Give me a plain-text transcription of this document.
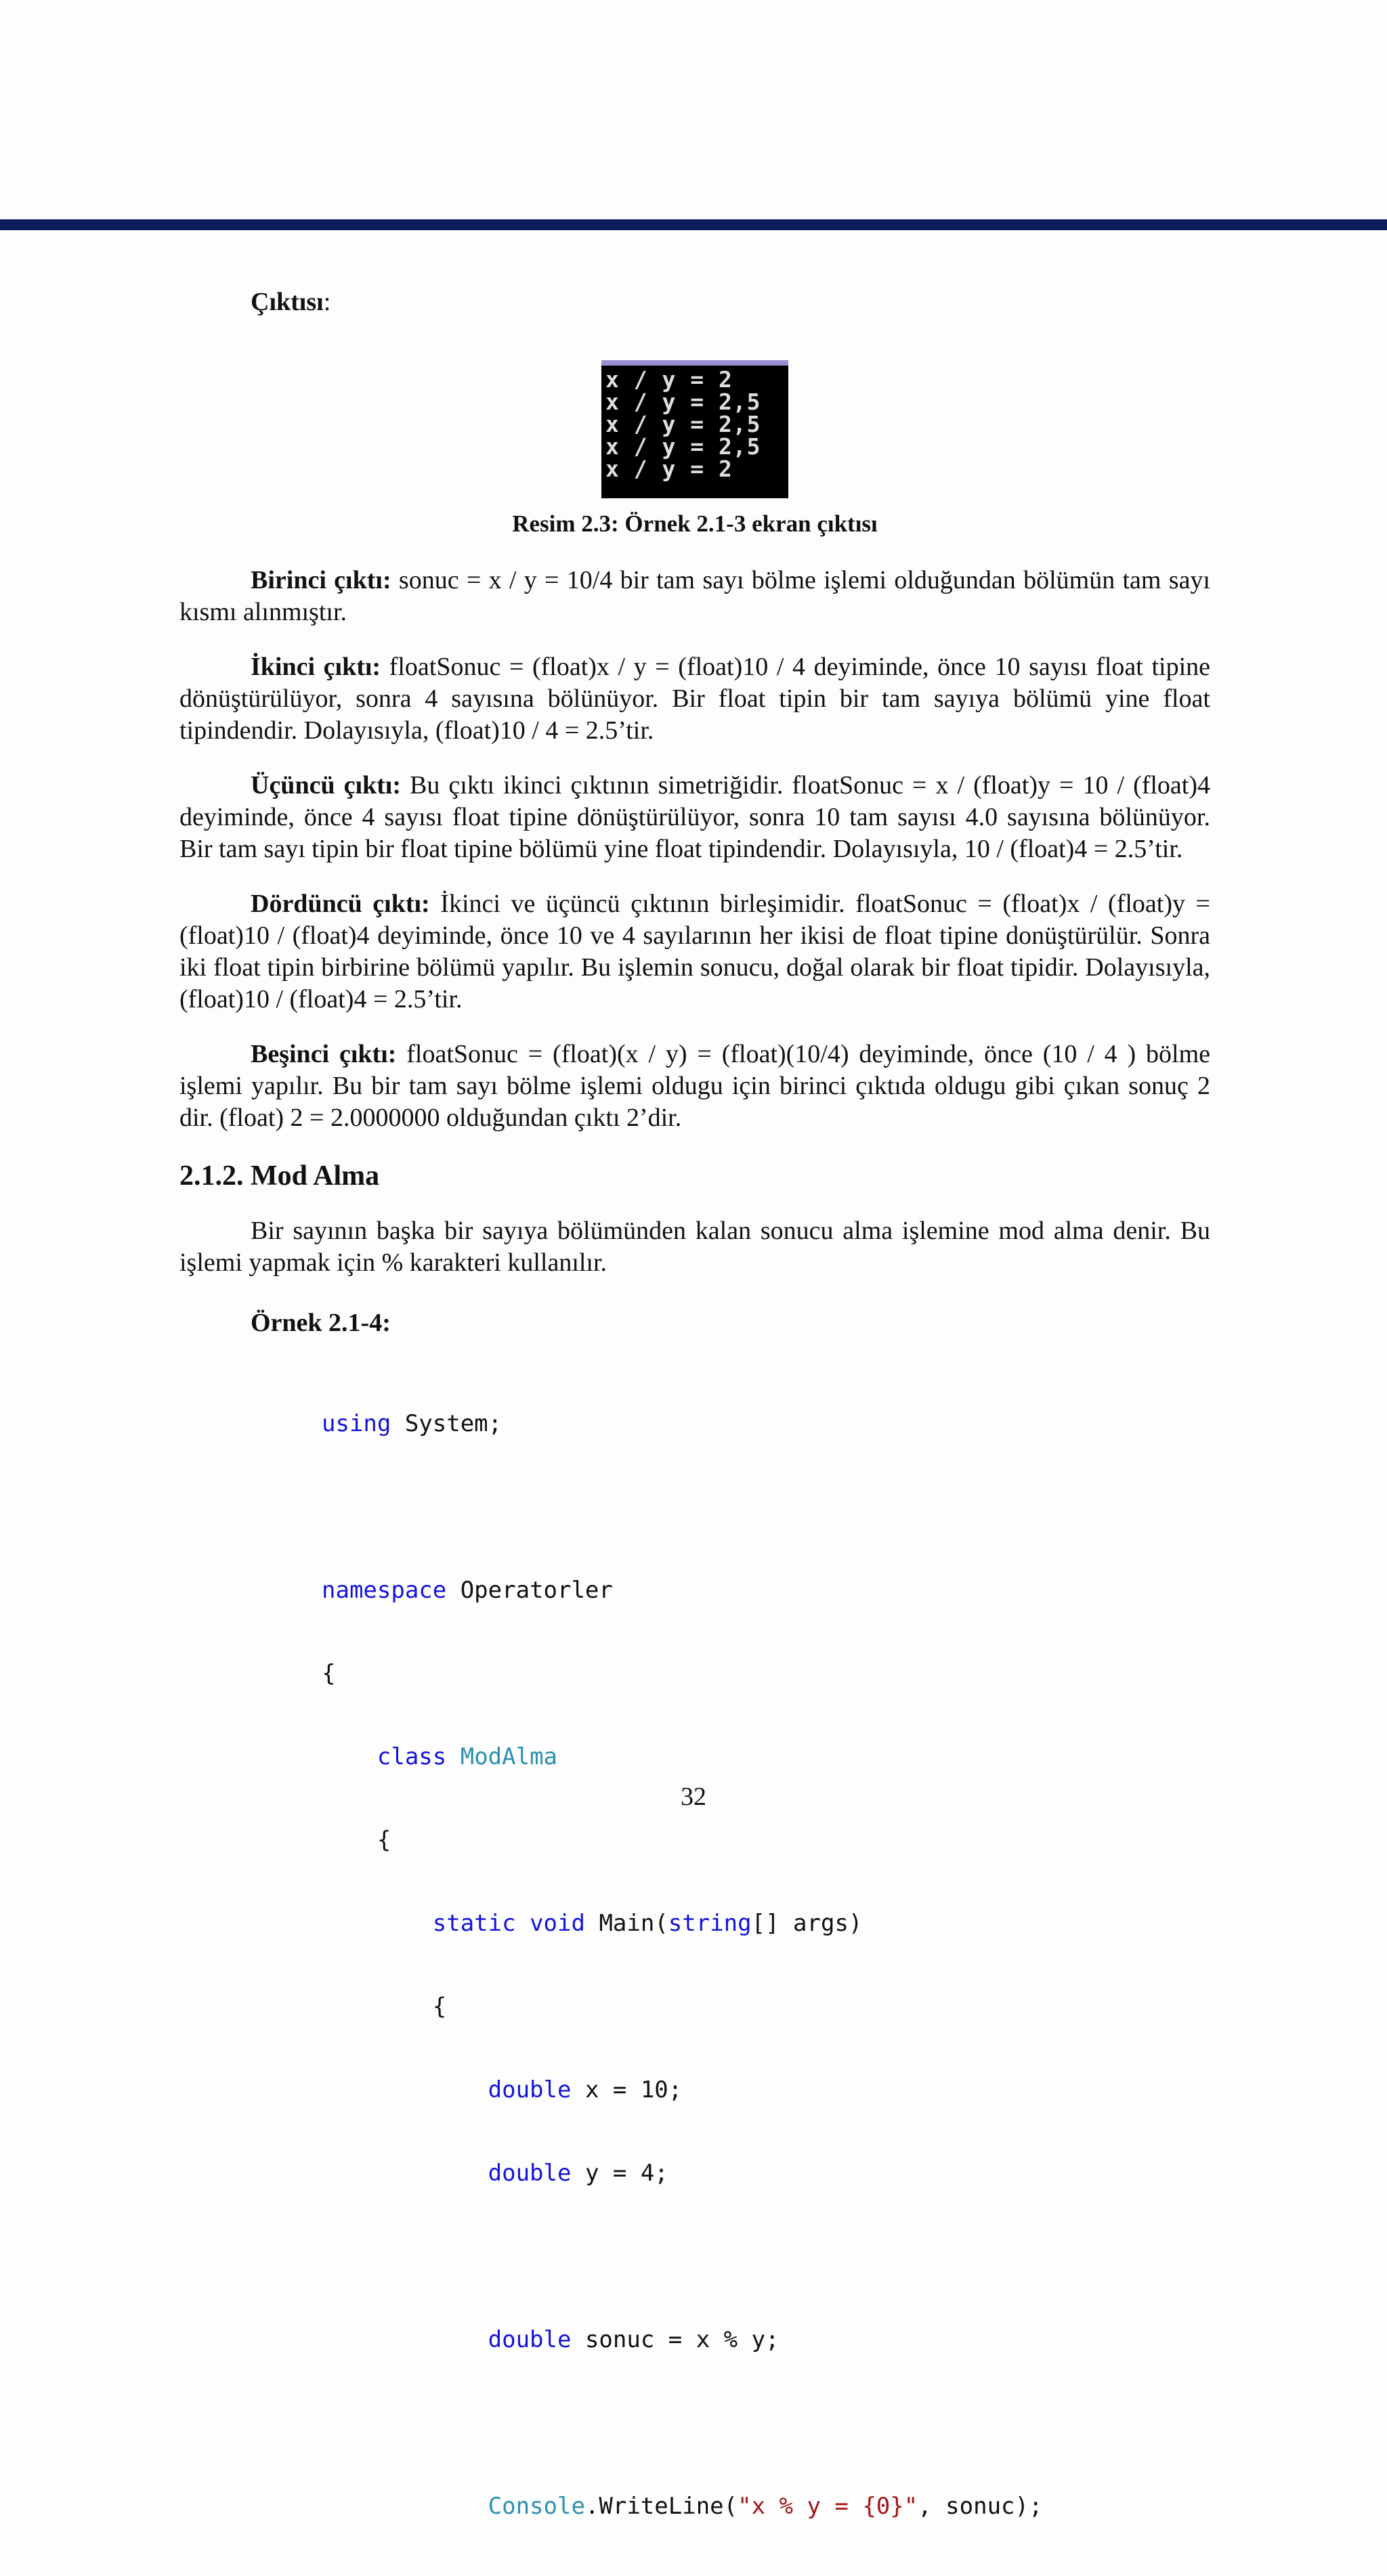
Çıktısı:
x / y = 2
x / y = 2,5
x / y = 2,5
x / y = 2,5
x / y = 2
Resim 2.3: Örnek 2.1-3 ekran çıktısı

Birinci çıktı: sonuc = x / y = 10/4 bir tam sayı bölme işlemi olduğundan bölümün tam sayı kısmı alınmıştır.

İkinci çıktı: floatSonuc = (float)x / y = (float)10 / 4 deyiminde, önce 10 sayısı float tipine dönüştürülüyor, sonra 4 sayısına bölünüyor. Bir float tipin bir tam sayıya bölümü yine float tipindendir. Dolayısıyla, (float)10 / 4 = 2.5’tir.

Üçüncü çıktı: Bu çıktı ikinci çıktının simetriğidir. floatSonuc = x / (float)y = 10 / (float)4 deyiminde, önce 4 sayısı float tipine dönüştürülüyor, sonra 10 tam sayısı 4.0 sayısına bölünüyor. Bir tam sayı tipin bir float tipine bölümü yine float tipindendir. Dolayısıyla, 10 / (float)4 = 2.5’tir.

Dördüncü çıktı: İkinci ve üçüncü çıktının birleşimidir. floatSonuc = (float)x / (float)y = (float)10 / (float)4 deyiminde, önce 10 ve 4 sayılarının her ikisi de float tipine donüştürülür. Sonra iki float tipin birbirine bölümü yapılır. Bu işlemin sonucu, doğal olarak bir float tipidir. Dolayısıyla, (float)10 / (float)4 = 2.5’tir.

Beşinci çıktı: floatSonuc = (float)(x / y) = (float)(10/4) deyiminde, önce (10 / 4 ) bölme işlemi yapılır. Bu bir tam sayı bölme işlemi oldugu için birinci çıktıda oldugu gibi çıkan sonuç 2 dir. (float) 2 = 2.0000000 olduğundan çıktı 2’dir.

2.1.2. Mod Alma

Bir sayının başka bir sayıya bölümünden kalan sonucu alma işlemine mod alma denir. Bu işlemi yapmak için % karakteri kullanılır.

Örnek 2.1-4:

using System;

namespace Operatorler

{

class ModAlma

{

static void Main(string[] args)

{

double x = 10;

double y = 4;

double sonuc = x % y;

Console.WriteLine("x % y = {0}", sonuc);

32
